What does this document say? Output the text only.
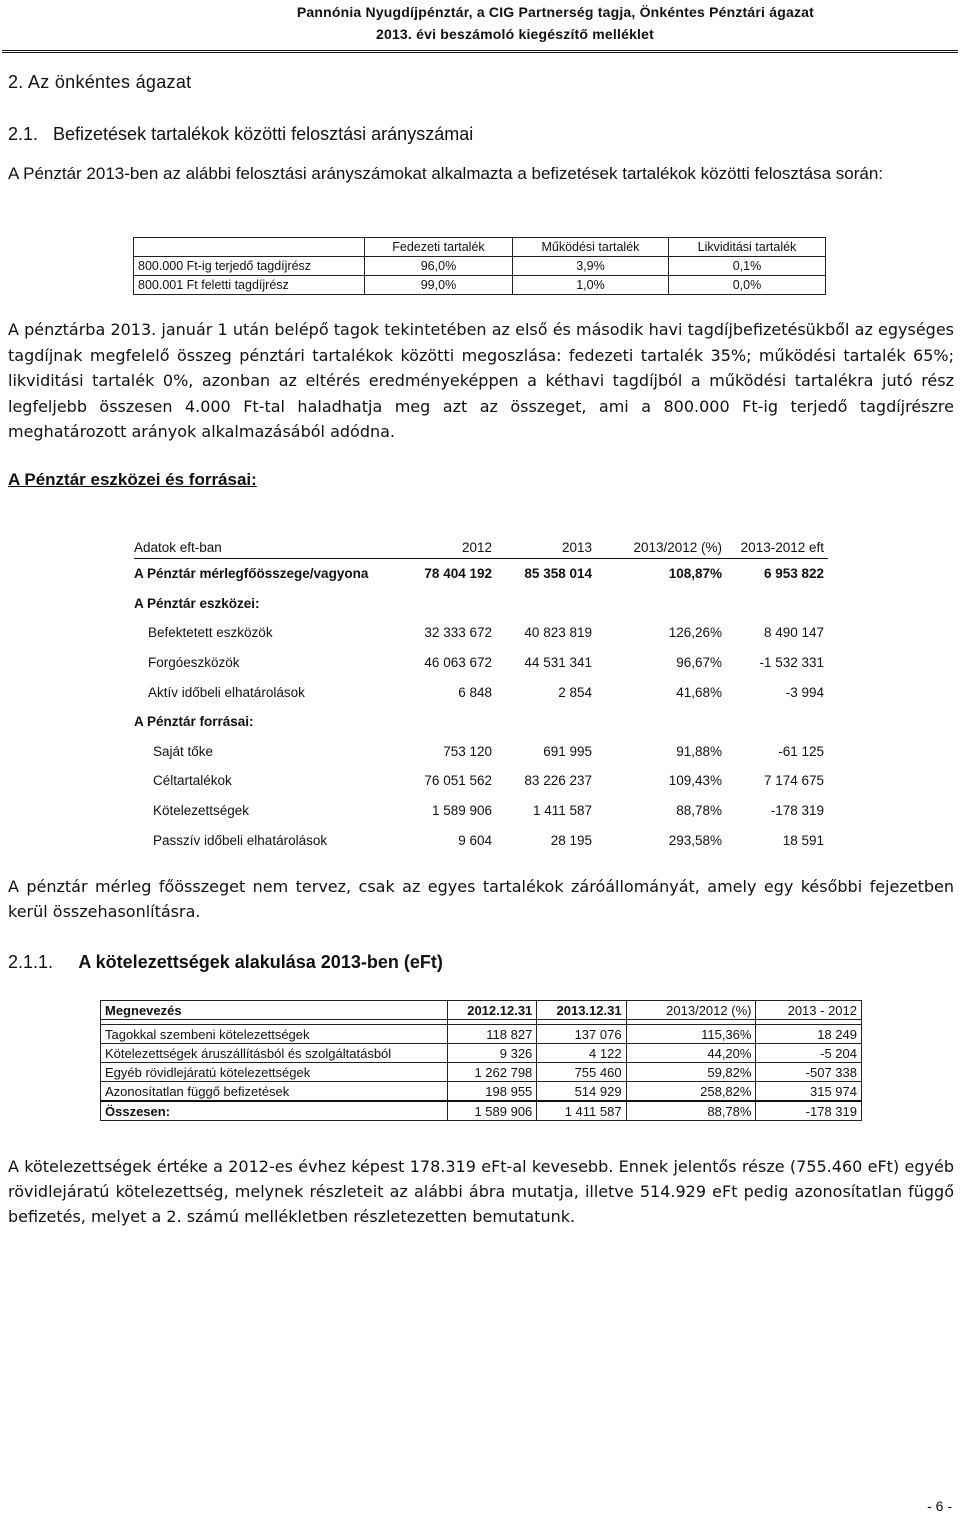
Pannónia Nyugdíjpénztár, a CIG Partnerség tagja, Önkéntes Pénztári ágazat
2013. évi beszámoló kiegészítő melléklet
2. Az önkéntes ágazat
2.1. Befizetések tartalékok közötti felosztási arányszámai
A Pénztár 2013-ben az alábbi felosztási arányszámokat alkalmazta a befizetések tartalékok közötti felosztása során:
	Fedezeti tartalék	Működési tartalék	Likviditási tartalék
800.000 Ft-ig terjedő tagdíjrész	96,0%	3,9%	0,1%
800.001 Ft feletti tagdíjrész	99,0%	1,0%	0,0%
A pénztárba 2013. január 1 után belépő tagok tekintetében az első és második havi tagdíjbefizetésükből az egységes tagdíjnak megfelelő összeg pénztári tartalékok közötti megoszlása: fedezeti tartalék 35%; működési tartalék 65%; likviditási tartalék 0%, azonban az eltérés eredményeképpen a kéthavi tagdíjból a működési tartalékra jutó rész legfeljebb összesen 4.000 Ft-tal haladhatja meg azt az összeget, ami a 800.000 Ft-ig terjedő tagdíjrészre meghatározott arányok alkalmazásából adódna.
A Pénztár eszközei és forrásai:
Adatok eft-ban	2012	2013	2013/2012 (%)	2013-2012 eft
A Pénztár mérlegfőösszege/vagyona	78 404 192	85 358 014	108,87%	6 953 822
A Pénztár eszközei:				
Befektetett eszközök	32 333 672	40 823 819	126,26%	8 490 147
Forgóeszközök	46 063 672	44 531 341	96,67%	-1 532 331
Aktív időbeli elhatárolások	6 848	2 854	41,68%	-3 994
A Pénztár forrásai:				
Saját tőke	753 120	691 995	91,88%	-61 125
Céltartalékok	76 051 562	83 226 237	109,43%	7 174 675
Kötelezettségek	1 589 906	1 411 587	88,78%	-178 319
Passzív időbeli elhatárolások	9 604	28 195	293,58%	18 591
A pénztár mérleg főösszeget nem tervez, csak az egyes tartalékok záróállományát, amely egy későbbi fejezetben kerül összehasonlításra.
2.1.1. A kötelezettségek alakulása 2013-ben (eFt)
Megnevezés	2012.12.31	2013.12.31	2013/2012 (%)	2013 - 2012

Tagokkal szembeni kötelezettségek	118 827	137 076	115,36%	18 249
Kötelezettségek áruszállításból és szolgáltatásból	9 326	4 122	44,20%	-5 204
Egyéb rövidlejáratú kötelezettségek	1 262 798	755 460	59,82%	-507 338
Azonosítatlan függő befizetések	198 955	514 929	258,82%	315 974
Összesen:	1 589 906	1 411 587	88,78%	-178 319
A kötelezettségek értéke a 2012-es évhez képest 178.319 eFt-al kevesebb. Ennek jelentős része (755.460 eFt) egyéb rövidlejáratú kötelezettség, melynek részleteit az alábbi ábra mutatja, illetve 514.929 eFt pedig azonosítatlan függő befizetés, melyet a 2. számú mellékletben részletezetten bemutatunk.
- 6 -
